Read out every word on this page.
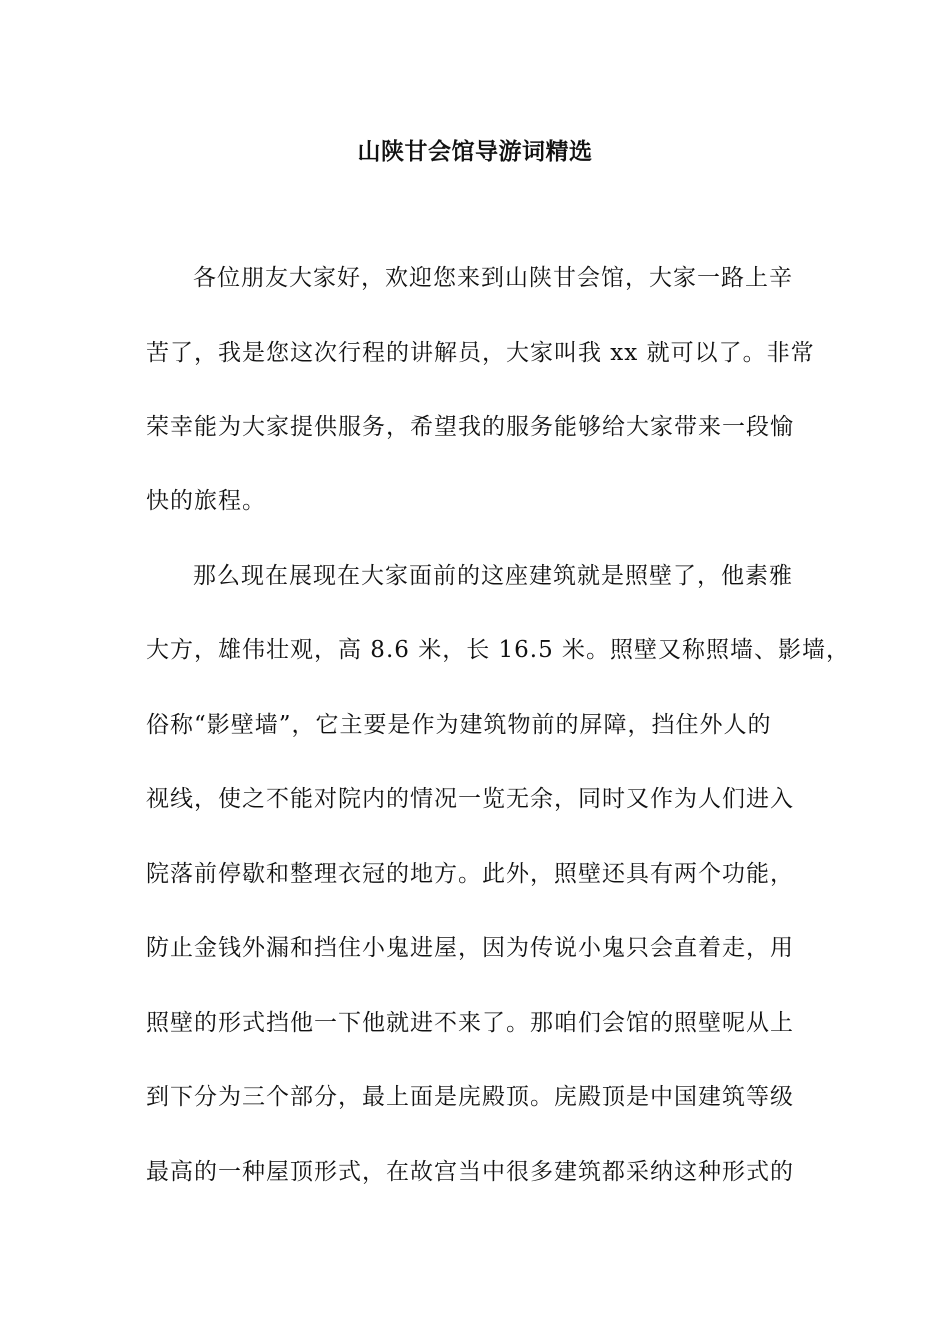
山陕甘会馆导游词精选
各位朋友大家好，欢迎您来到山陕甘会馆，大家一路上辛
苦了，我是您这次行程的讲解员，大家叫我 xx 就可以了。非常
荣幸能为大家提供服务，希望我的服务能够给大家带来一段愉
快的旅程。
那么现在展现在大家面前的这座建筑就是照壁了，他素雅
大方，雄伟壮观，高 8.6 米，长 16.5 米。照壁又称照墙、影墙，
俗称“影壁墙”，它主要是作为建筑物前的屏障，挡住外人的
视线，使之不能对院内的情况一览无余，同时又作为人们进入
院落前停歇和整理衣冠的地方。此外，照壁还具有两个功能，
防止金钱外漏和挡住小鬼进屋，因为传说小鬼只会直着走，用
照壁的形式挡他一下他就进不来了。那咱们会馆的照壁呢从上
到下分为三个部分，最上面是庑殿顶。庑殿顶是中国建筑等级
最高的一种屋顶形式，在故宫当中很多建筑都采纳这种形式的
